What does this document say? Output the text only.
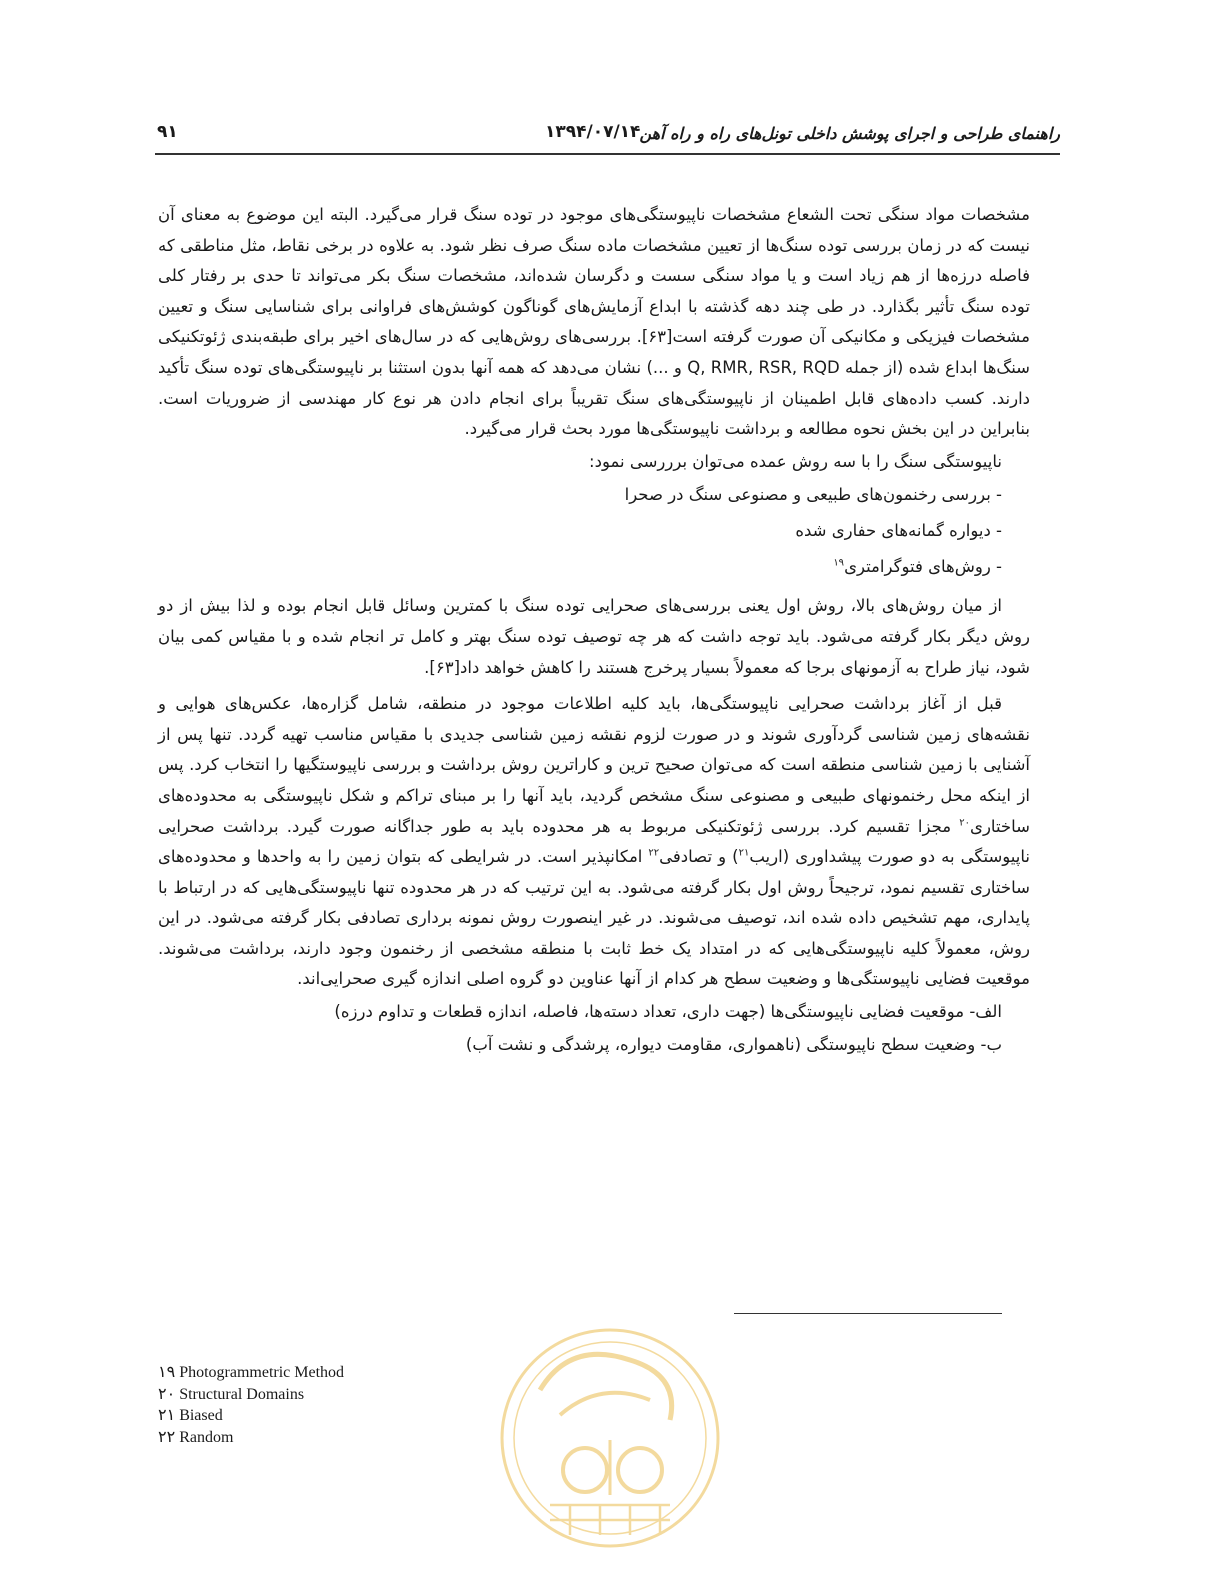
راهنمای طراحی و اجرای پوشش داخلی تونل‌های راه و راه آهن
۱۳۹۴/۰۷/۱۴
۹۱

مشخصات مواد سنگی تحت الشعاع مشخصات ناپیوستگی‌های موجود در توده سنگ قرار می‌گیرد. البته این موضوع به معنای آن نیست که در زمان بررسی توده سنگ‌ها از تعیین مشخصات ماده سنگ صرف نظر شود. به علاوه در برخی نقاط، مثل مناطقی که فاصله درزه‌ها از هم زیاد است و یا مواد سنگی سست و دگرسان شده‌اند، مشخصات سنگ بکر می‌تواند تا حدی بر رفتار کلی توده سنگ تأثیر بگذارد. در طی چند دهه گذشته با ابداع آزمایش‌های گوناگون کوشش‌های فراوانی برای شناسایی سنگ و تعیین مشخصات فیزیکی و مکانیکی آن صورت گرفته است[۶۳]. بررسی‌های روش‌هایی که در سال‌های اخیر برای طبقه‌بندی ژئوتکنیکی سنگ‌ها ابداع شده (از جمله Q, RMR, RSR, RQD و ...) نشان می‌دهد که همه آنها بدون استثنا بر ناپیوستگی‌های توده سنگ تأکید دارند. کسب داده‌های قابل اطمینان از ناپیوستگی‌های سنگ تقریباً برای انجام دادن هر نوع کار مهندسی از ضروریات است. بنابراین در این بخش نحوه مطالعه و برداشت ناپیوستگی‌ها مورد بحث قرار می‌گیرد.

ناپیوستگی سنگ را با سه روش عمده می‌توان برررسی نمود:

- بررسی رخنمون‌های طبیعی و مصنوعی سنگ در صحرا
- دیواره گمانه‌های حفاری شده
- روش‌های فتوگرامتری$^{۱۹}$

از میان روش‌های بالا، روش اول یعنی بررسی‌های صحرایی توده سنگ با کمترین وسائل قابل انجام بوده و لذا بیش از دو روش دیگر بکار گرفته می‌شود. باید توجه داشت که هر چه توصیف توده سنگ بهتر و کامل تر انجام شده و با مقیاس کمی بیان شود، نیاز طراح به آزمونهای برجا که معمولاً بسیار پرخرج هستند را کاهش خواهد داد[۶۳].

قبل از آغاز برداشت صحرایی ناپیوستگی‌ها، باید کلیه اطلاعات موجود در منطقه، شامل گزاره‌ها، عکس‌های هوایی و نقشه‌های زمین شناسی گردآوری شوند و در صورت لزوم نقشه زمین شناسی جدیدی با مقیاس مناسب تهیه گردد. تنها پس از آشنایی با زمین شناسی منطقه است که می‌توان صحیح ترین و کاراترین روش برداشت و بررسی ناپیوستگیها را انتخاب کرد. پس از اینکه محل رخنمونهای طبیعی و مصنوعی سنگ مشخص گردید، باید آنها را بر مبنای تراکم و شکل ناپیوستگی به محدوده‌های ساختاری$^{۲۰}$ مجزا تقسیم کرد. بررسی ژئوتکنیکی مربوط به هر محدوده باید به طور جداگانه صورت گیرد. برداشت صحرایی ناپیوستگی به دو صورت پیشداوری (اریب$^{۲۱}$) و تصادفی$^{۲۲}$ امکانپذیر است. در شرایطی که بتوان زمین را به واحدها و محدوده‌های ساختاری تقسیم نمود، ترجیحاً روش اول بکار گرفته می‌شود. به این ترتیب که در هر محدوده تنها ناپیوستگی‌هایی که در ارتباط با پایداری، مهم تشخیص داده شده اند، توصیف می‌شوند. در غیر اینصورت روش نمونه برداری تصادفی بکار گرفته می‌شود. در این روش، معمولاً کلیه ناپیوستگی‌هایی که در امتداد یک خط ثابت با منطقه مشخصی از رخنمون وجود دارند، برداشت می‌شوند. موقعیت فضایی ناپیوستگی‌ها و وضعیت سطح هر کدام از آنها عناوین دو گروه اصلی اندازه گیری صحرایی‌اند.

الف- موقعیت فضایی ناپیوستگی‌ها (جهت داری، تعداد دسته‌ها، فاصله، اندازه قطعات و تداوم درزه)

ب- وضعیت سطح ناپیوستگی (ناهمواری، مقاومت دیواره، پرشدگی و نشت آب)

۱۹ Photogrammetric Method
۲۰ Structural Domains
۲۱ Biased
۲۲ Random
